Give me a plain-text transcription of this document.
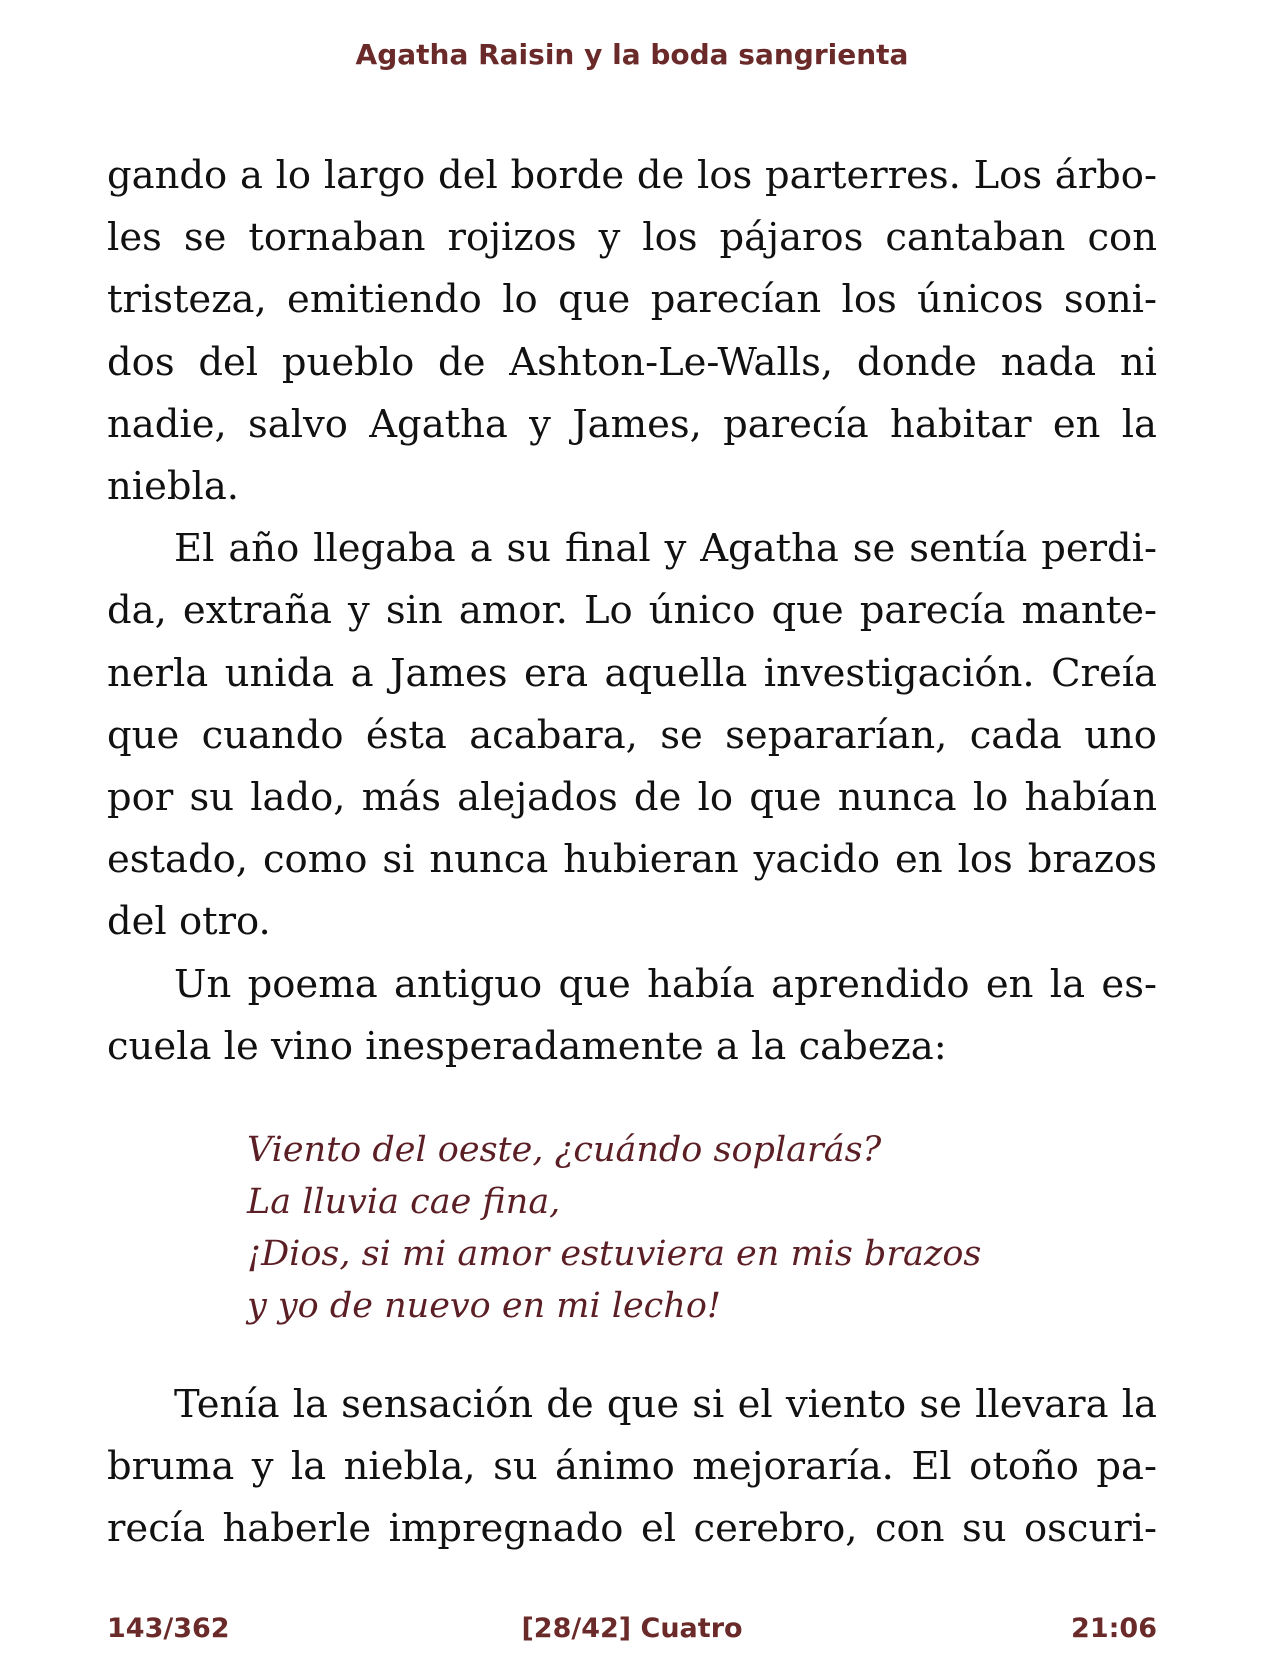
Agatha Raisin y la boda sangrienta
gando a lo largo del borde de los parterres. Los árbo-
les se tornaban rojizos y los pájaros cantaban con
tristeza, emitiendo lo que parecían los únicos soni-
dos del pueblo de Ashton-Le-Walls, donde nada ni
nadie, salvo Agatha y James, parecía habitar en la
niebla.
El año llegaba a su final y Agatha se sentía perdi-
da, extraña y sin amor. Lo único que parecía mante-
nerla unida a James era aquella investigación. Creía
que cuando ésta acabara, se separarían, cada uno
por su lado, más alejados de lo que nunca lo habían
estado, como si nunca hubieran yacido en los brazos
del otro.
Un poema antiguo que había aprendido en la es-
cuela le vino inesperadamente a la cabeza:
Viento del oeste, ¿cuándo soplarás?
La lluvia cae fina,
¡Dios, si mi amor estuviera en mis brazos
y yo de nuevo en mi lecho!
Tenía la sensación de que si el viento se llevara la
bruma y la niebla, su ánimo mejoraría. El otoño pa-
recía haberle impregnado el cerebro, con su oscuri-
143/362	[28/42] Cuatro	21:06
